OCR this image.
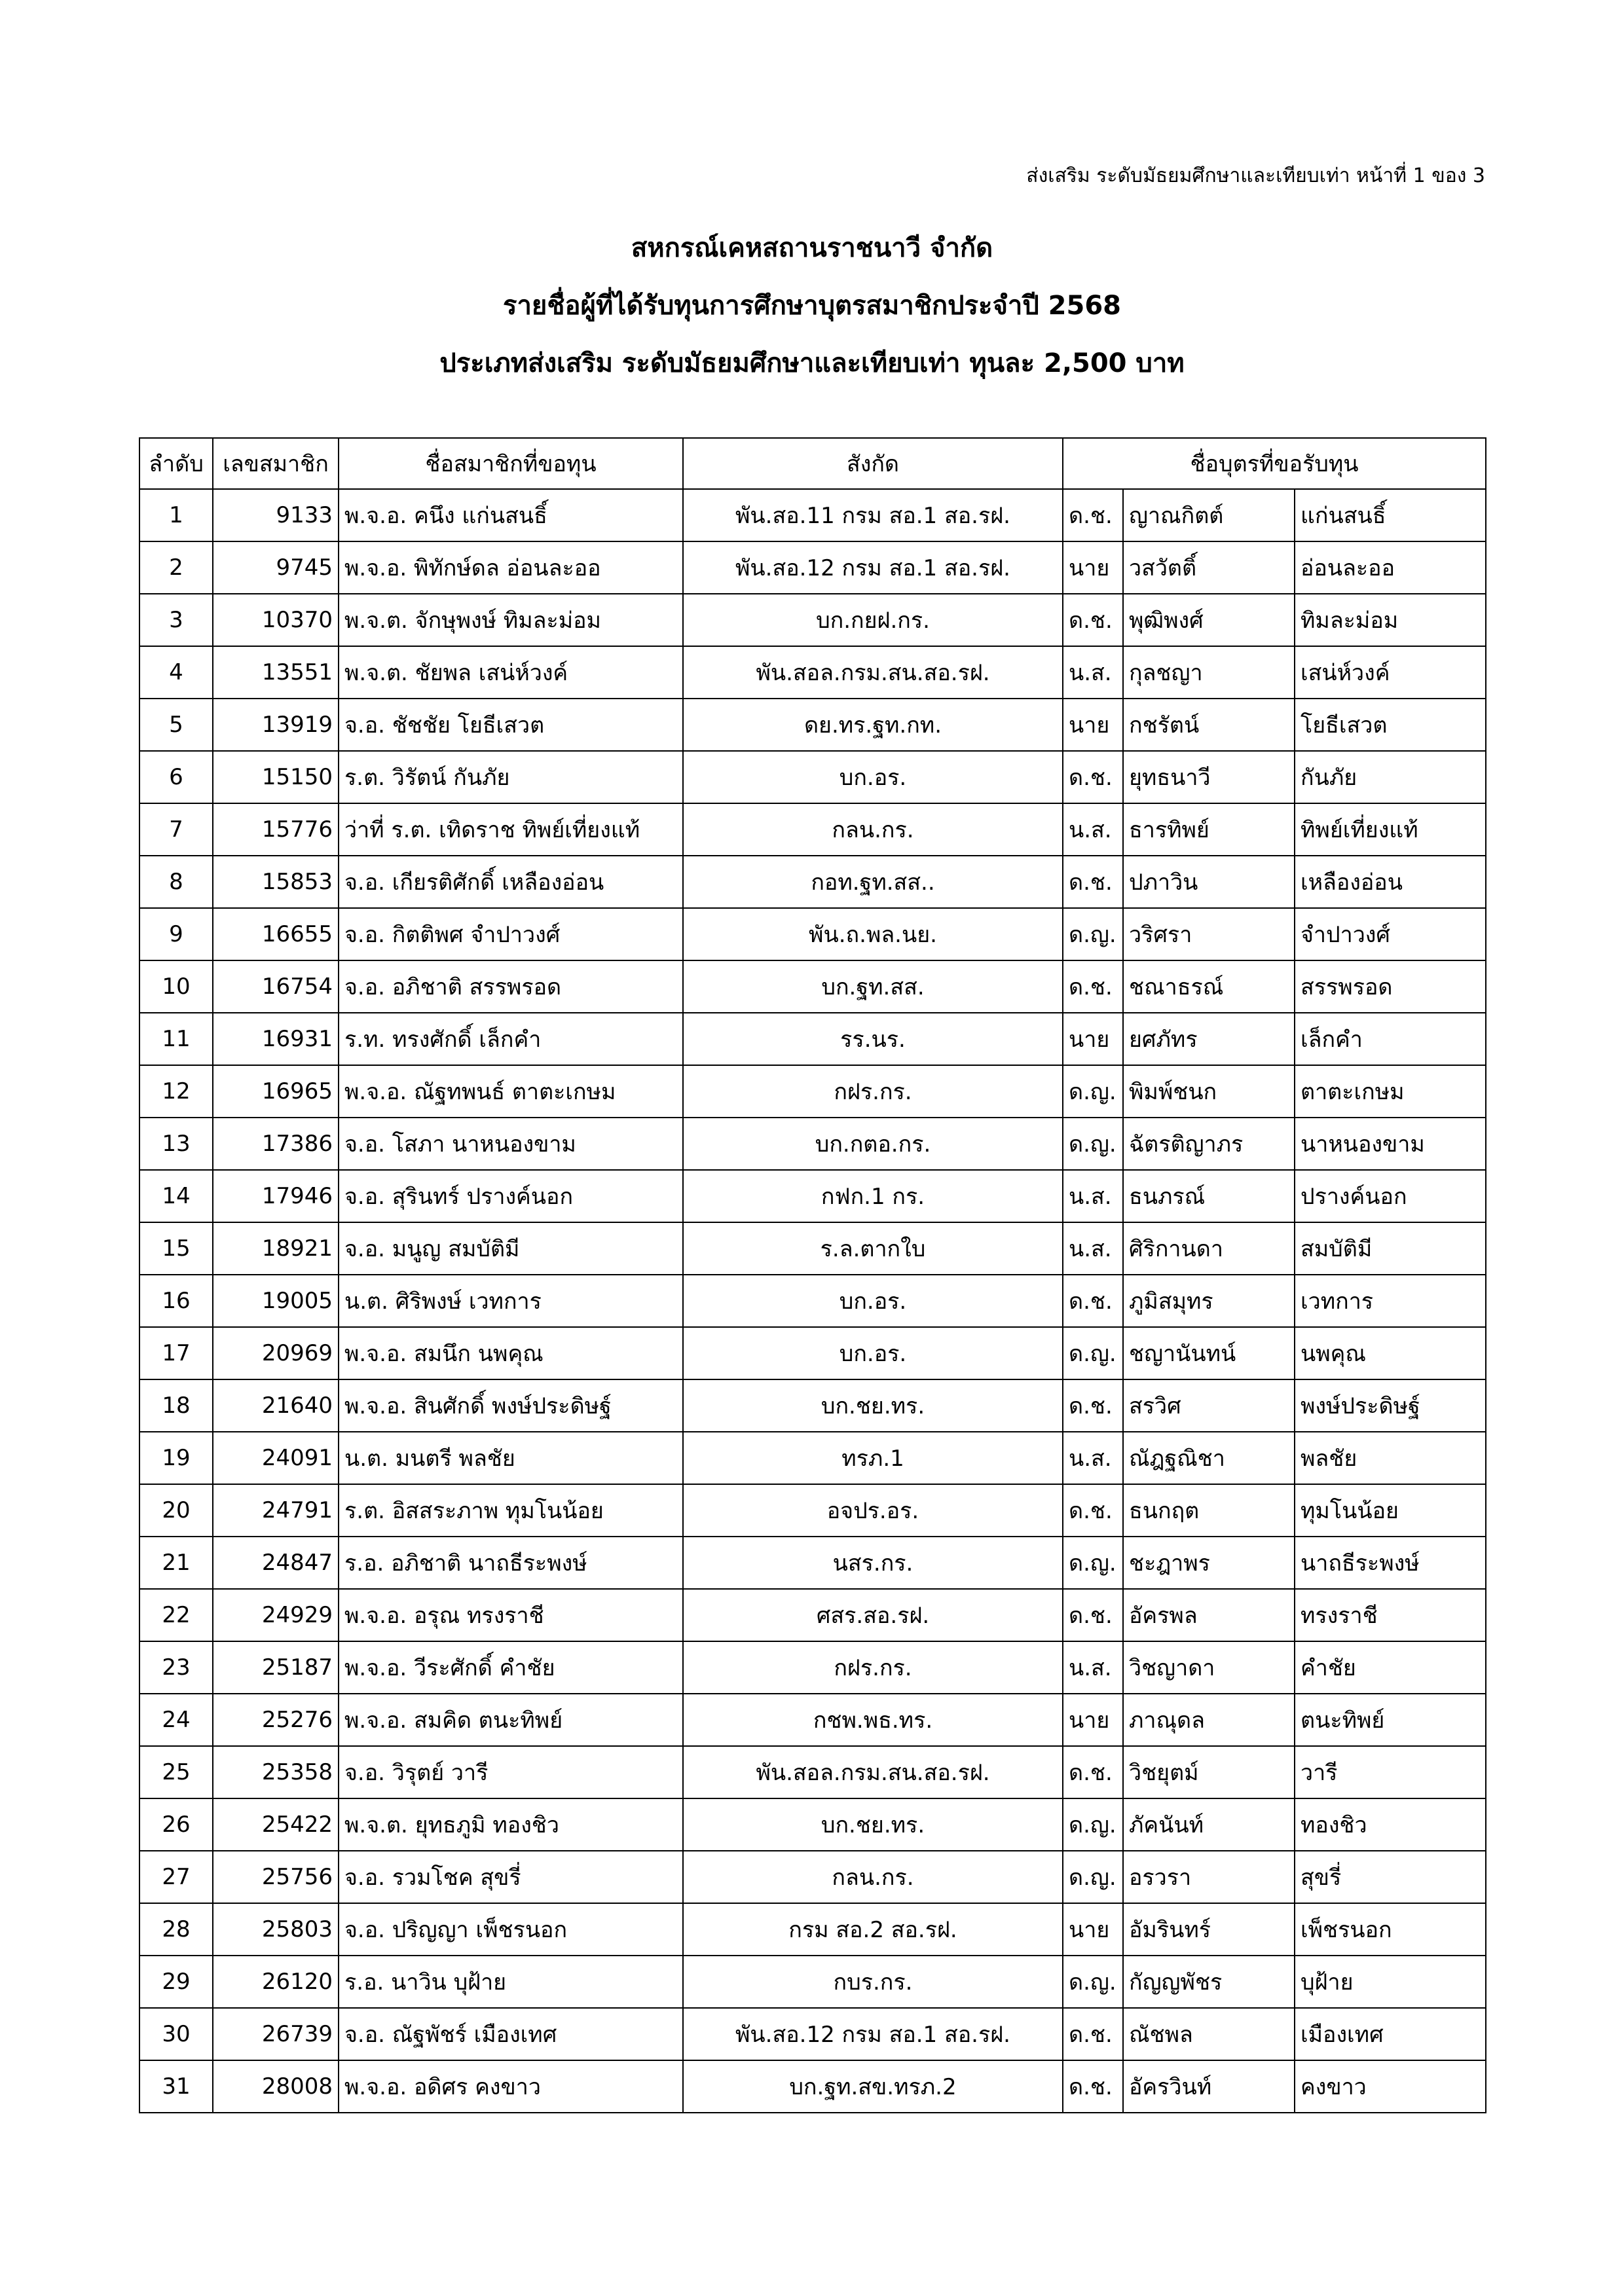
ส่งเสริม ระดับมัธยมศึกษาและเทียบเท่า หน้าที่ 1 ของ 3
สหกรณ์เคหสถานราชนาวี จำกัด
รายชื่อผู้ที่ได้รับทุนการศึกษาบุตรสมาชิกประจำปี 2568
ประเภทส่งเสริม ระดับมัธยมศึกษาและเทียบเท่า ทุนละ 2,500 บาท
ลำดับ	เลขสมาชิก	ชื่อสมาชิกที่ขอทุน	สังกัด	ชื่อบุตรที่ขอรับทุน		
1	9133	พ.จ.อ. คนึง แก่นสนธิ์	พัน.สอ.11 กรม สอ.1 สอ.รฝ.	ด.ช.	ญาณกิตต์	แก่นสนธิ์
2	9745	พ.จ.อ. พิทักษ์ดล อ่อนละออ	พัน.สอ.12 กรม สอ.1 สอ.รฝ.	นาย	วสวัตติ์	อ่อนละออ
3	10370	พ.จ.ต. จักษุพงษ์ ทิมละม่อม	บก.กยฝ.กร.	ด.ช.	พุฒิพงศ์	ทิมละม่อม
4	13551	พ.จ.ต. ชัยพล เสน่ห์วงค์	พัน.สอล.กรม.สน.สอ.รฝ.	น.ส.	กุลชญา	เสน่ห์วงค์
5	13919	จ.อ. ชัชชัย โยธีเสวต	ดย.ทร.ฐท.กท.	นาย	กชรัตน์	โยธีเสวต
6	15150	ร.ต. วิรัตน์ กันภัย	บก.อร.	ด.ช.	ยุทธนาวี	กันภัย
7	15776	ว่าที่ ร.ต. เทิดราช ทิพย์เที่ยงแท้	กลน.กร.	น.ส.	ธารทิพย์	ทิพย์เที่ยงแท้
8	15853	จ.อ. เกียรติศักดิ์ เหลืองอ่อน	กอท.ฐท.สส..	ด.ช.	ปภาวิน	เหลืองอ่อน
9	16655	จ.อ. กิตติพศ จำปาวงศ์	พัน.ถ.พล.นย.	ด.ญ.	วริศรา	จำปาวงศ์
10	16754	จ.อ. อภิชาติ สรรพรอด	บก.ฐท.สส.	ด.ช.	ชณาธรณ์	สรรพรอด
11	16931	ร.ท. ทรงศักดิ์ เล็กคำ	รร.นร.	นาย	ยศภัทร	เล็กคำ
12	16965	พ.จ.อ. ณัฐทพนธ์ ตาตะเกษม	กฝร.กร.	ด.ญ.	พิมพ์ชนก	ตาตะเกษม
13	17386	จ.อ. โสภา นาหนองขาม	บก.กตอ.กร.	ด.ญ.	ฉัตรติญาภร	นาหนองขาม
14	17946	จ.อ. สุรินทร์ ปรางค์นอก	กฟก.1 กร.	น.ส.	ธนภรณ์	ปรางค์นอก
15	18921	จ.อ. มนูญ สมบัติมี	ร.ล.ตากใบ	น.ส.	ศิริกานดา	สมบัติมี
16	19005	น.ต. ศิริพงษ์ เวทการ	บก.อร.	ด.ช.	ภูมิสมุทร	เวทการ
17	20969	พ.จ.อ. สมนึก นพคุณ	บก.อร.	ด.ญ.	ชญานันทน์	นพคุณ
18	21640	พ.จ.อ. สินศักดิ์ พงษ์ประดิษฐ์	บก.ชย.ทร.	ด.ช.	สรวิศ	พงษ์ประดิษฐ์
19	24091	น.ต. มนตรี พลชัย	ทรภ.1	น.ส.	ณัฎฐณิชา	พลชัย
20	24791	ร.ต. อิสสระภาพ ทุมโนน้อย	อจปร.อร.	ด.ช.	ธนกฤต	ทุมโนน้อย
21	24847	ร.อ. อภิชาติ นาถธีระพงษ์	นสร.กร.	ด.ญ.	ชะฎาพร	นาถธีระพงษ์
22	24929	พ.จ.อ. อรุณ ทรงราชี	ศสร.สอ.รฝ.	ด.ช.	อัครพล	ทรงราชี
23	25187	พ.จ.อ. วีระศักดิ์ คำชัย	กฝร.กร.	น.ส.	วิชญาดา	คำชัย
24	25276	พ.จ.อ. สมคิด ตนะทิพย์	กชพ.พธ.ทร.	นาย	ภาณุดล	ตนะทิพย์
25	25358	จ.อ. วิรุตย์ วารี	พัน.สอล.กรม.สน.สอ.รฝ.	ด.ช.	วิชยุตม์	วารี
26	25422	พ.จ.ต. ยุทธภูมิ ทองชิว	บก.ชย.ทร.	ด.ญ.	ภัคนันท์	ทองชิว
27	25756	จ.อ. รวมโชค สุขรี่	กลน.กร.	ด.ญ.	อรวรา	สุขรี่
28	25803	จ.อ. ปริญญา เพ็ชรนอก	กรม สอ.2 สอ.รฝ.	นาย	อัมรินทร์	เพ็ชรนอก
29	26120	ร.อ. นาวิน บุฝ้าย	กบร.กร.	ด.ญ.	กัญญพัชร	บุฝ้าย
30	26739	จ.อ. ณัฐพัชร์ เมืองเทศ	พัน.สอ.12 กรม สอ.1 สอ.รฝ.	ด.ช.	ณัชพล	เมืองเทศ
31	28008	พ.จ.อ. อดิศร คงขาว	บก.ฐท.สข.ทรภ.2	ด.ช.	อัครวินท์	คงขาว
